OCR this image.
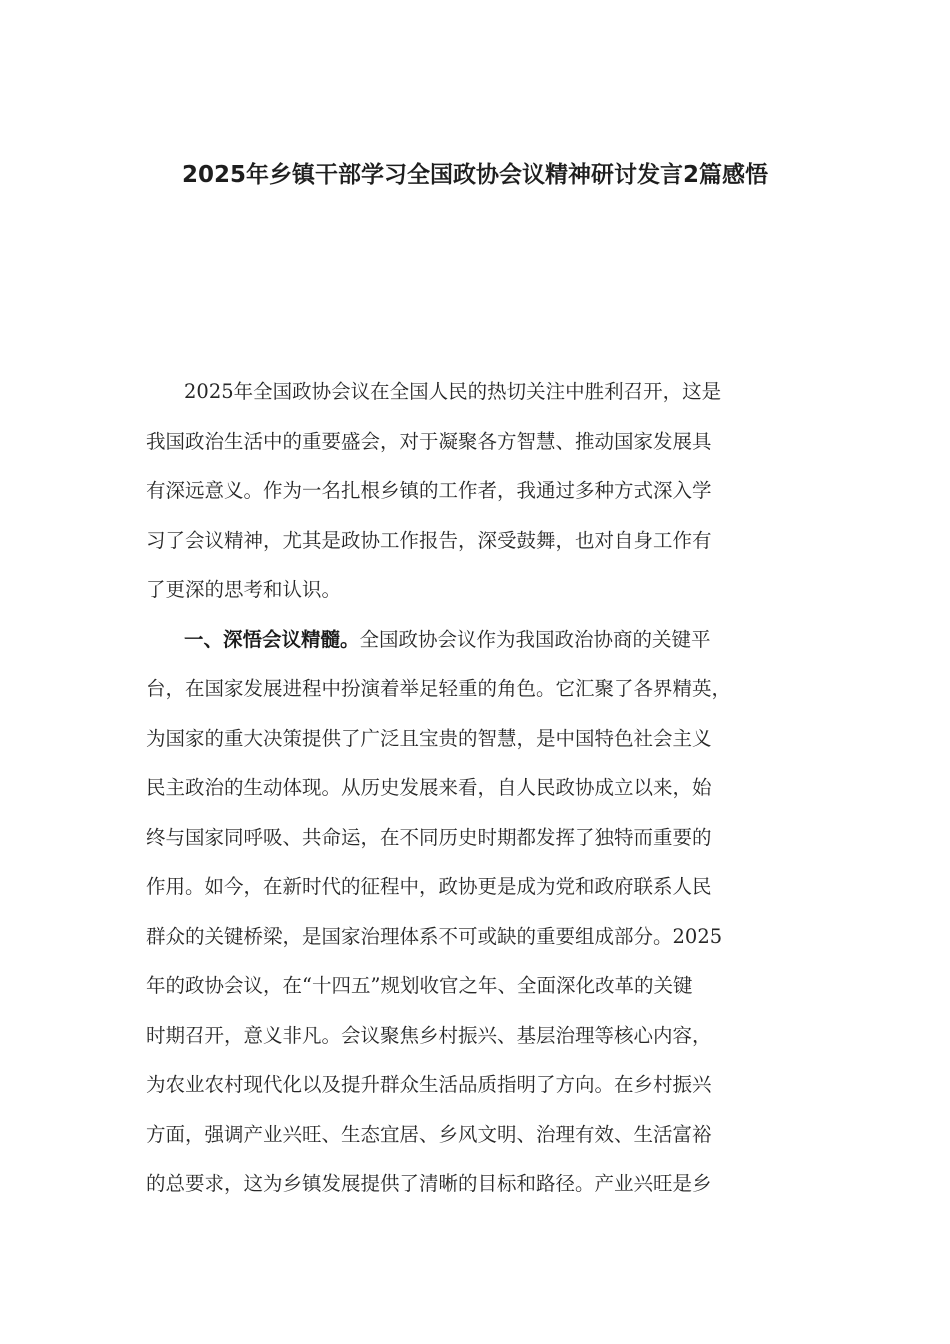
2025年乡镇干部学习全国政协会议精神研讨发言2篇感悟
2025年全国政协会议在全国人民的热切关注中胜利召开，这是
我国政治生活中的重要盛会，对于凝聚各方智慧、推动国家发展具
有深远意义。作为一名扎根乡镇的工作者，我通过多种方式深入学
习了会议精神，尤其是政协工作报告，深受鼓舞，也对自身工作有
了更深的思考和认识。
一、深悟会议精髓。全国政协会议作为我国政治协商的关键平
台，在国家发展进程中扮演着举足轻重的角色。它汇聚了各界精英，
为国家的重大决策提供了广泛且宝贵的智慧，是中国特色社会主义
民主政治的生动体现。从历史发展来看，自人民政协成立以来，始
终与国家同呼吸、共命运，在不同历史时期都发挥了独特而重要的
作用。如今，在新时代的征程中，政协更是成为党和政府联系人民
群众的关键桥梁，是国家治理体系不可或缺的重要组成部分。2025
年的政协会议，在“十四五”规划收官之年、全面深化改革的关键
时期召开，意义非凡。会议聚焦乡村振兴、基层治理等核心内容，
为农业农村现代化以及提升群众生活品质指明了方向。在乡村振兴
方面，强调产业兴旺、生态宜居、乡风文明、治理有效、生活富裕
的总要求，这为乡镇发展提供了清晰的目标和路径。产业兴旺是乡
